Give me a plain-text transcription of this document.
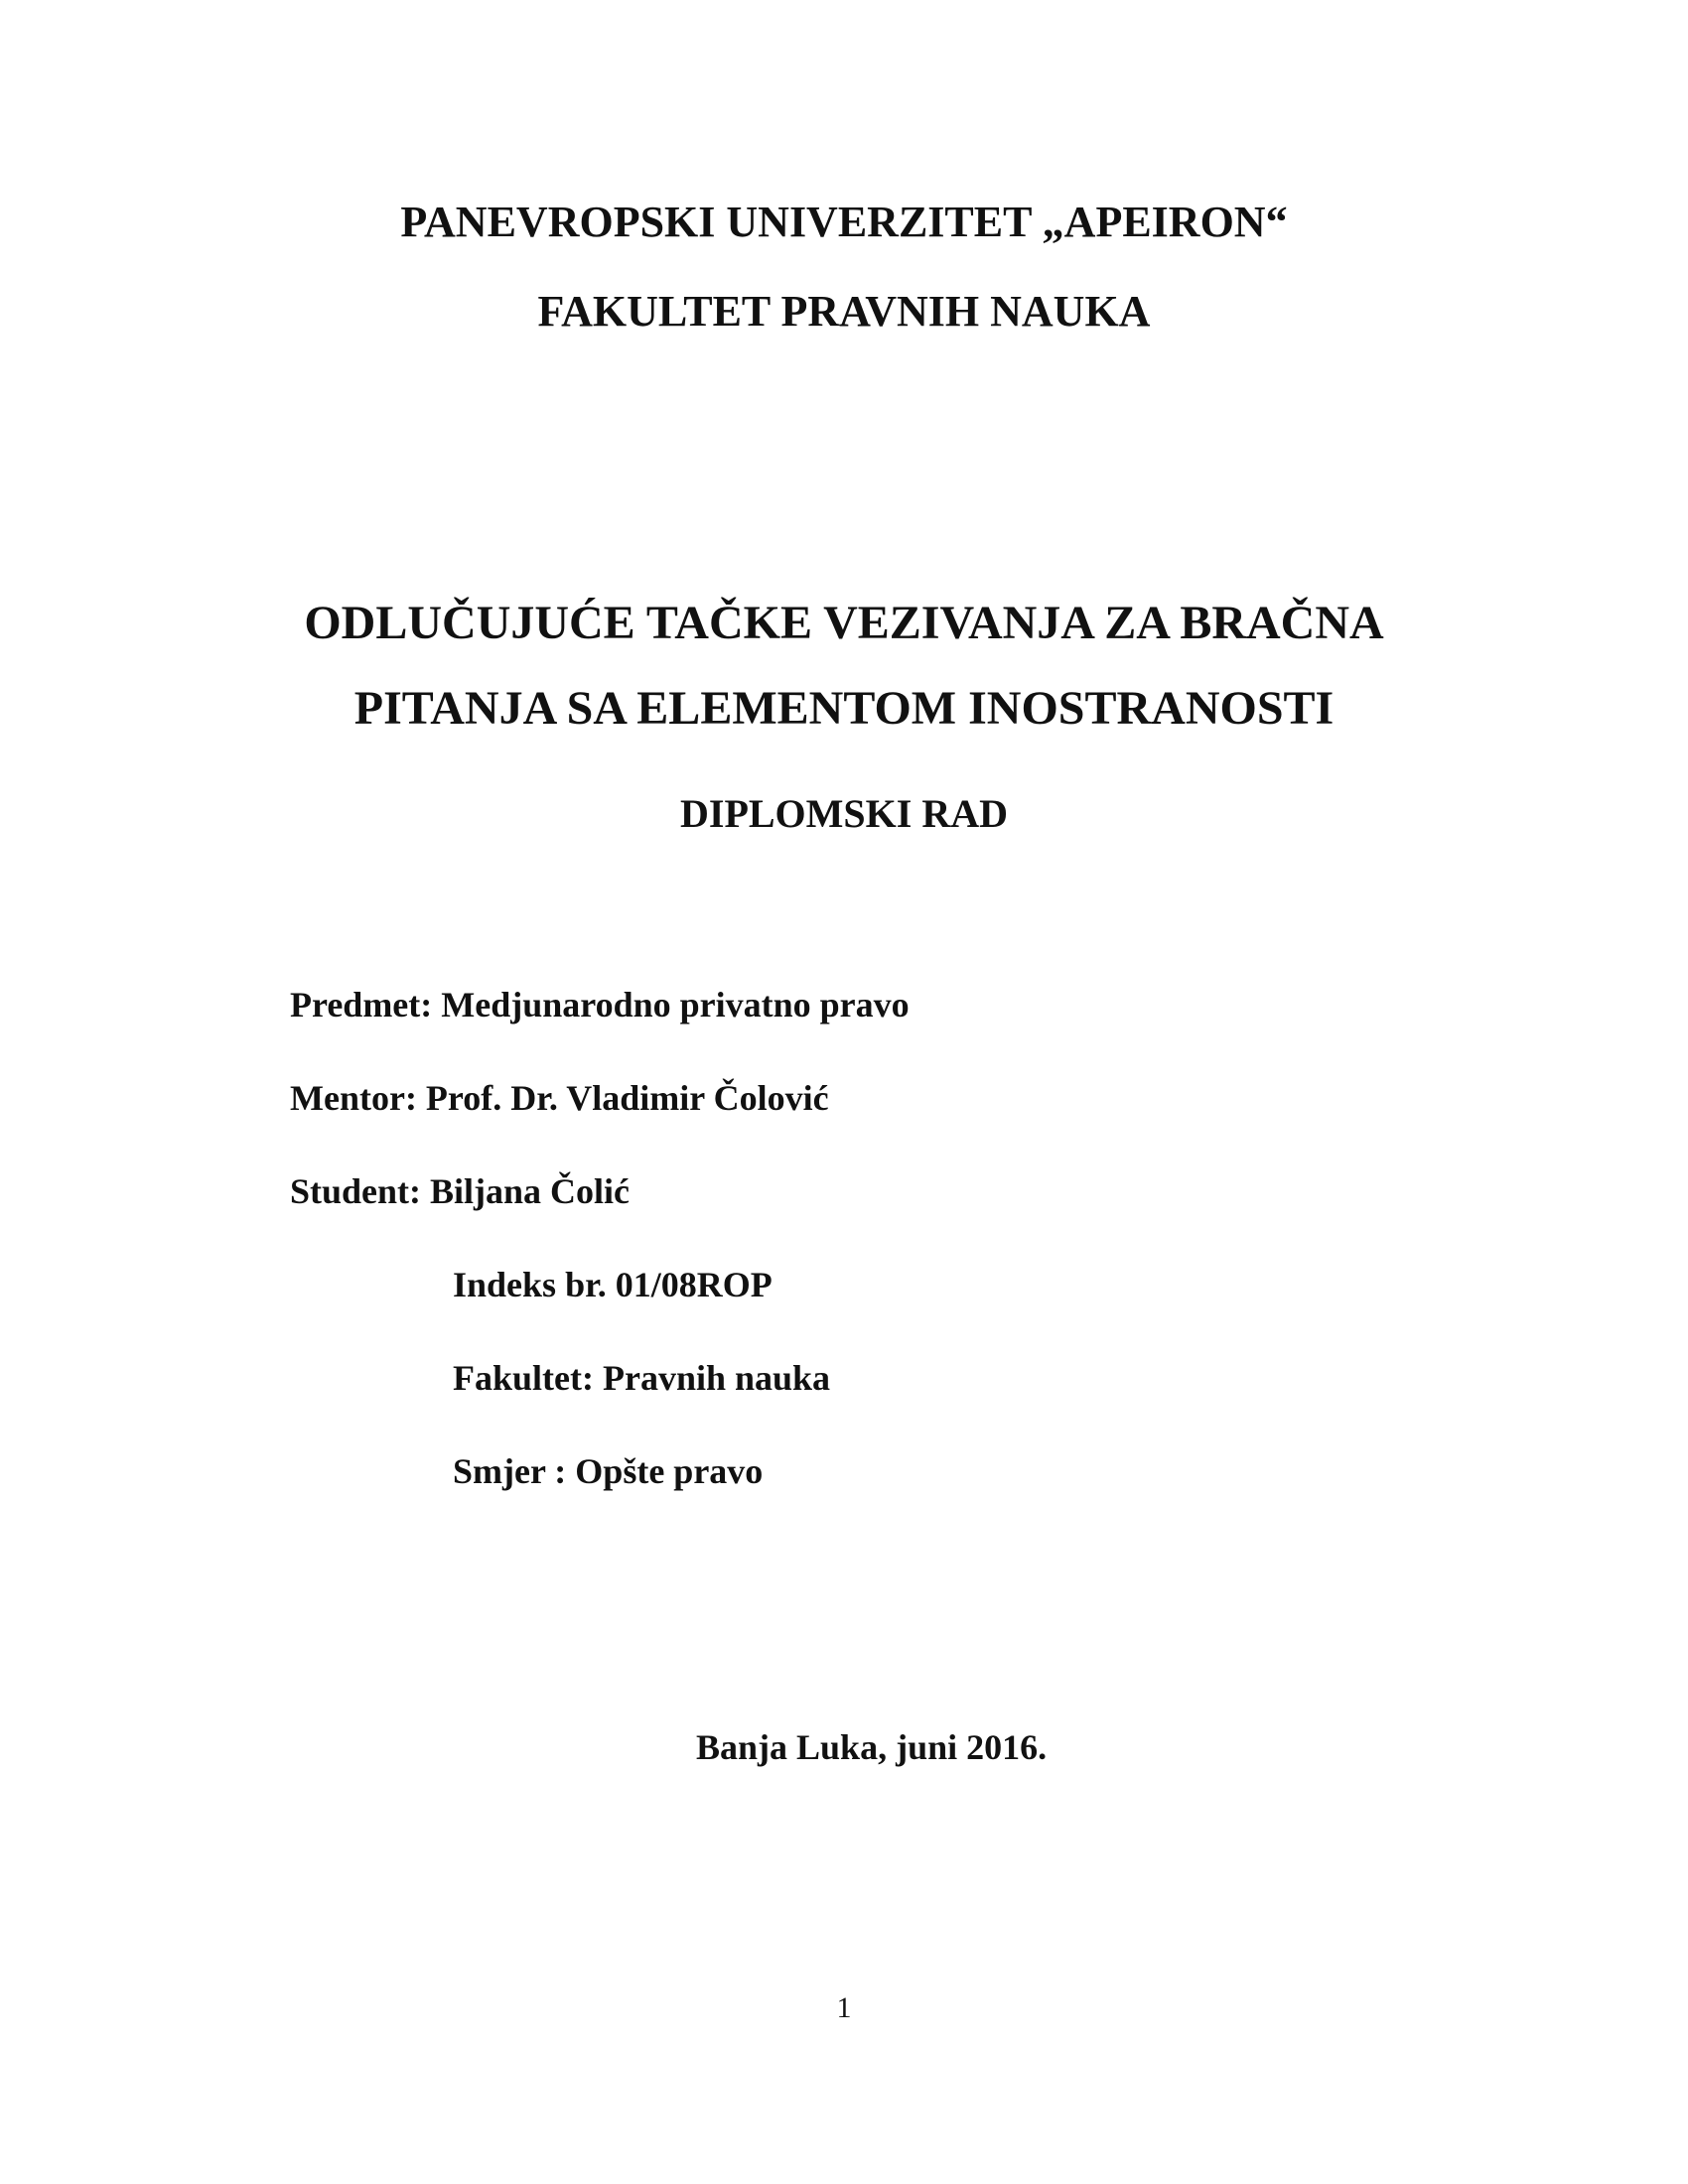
PANEVROPSKI UNIVERZITET „APEIRON“
FAKULTET PRAVNIH NAUKA
ODLUČUJUĆE TAČKE VEZIVANJA ZA BRAČNA
PITANJA SA ELEMENTOM INOSTRANOSTI
DIPLOMSKI RAD
Predmet: Medjunarodno privatno pravo
Mentor: Prof. Dr. Vladimir Čolović
Student: Biljana Čolić
Indeks br. 01/08ROP
Fakultet: Pravnih nauka
Smjer : Opšte pravo
Banja Luka, juni 2016.
1
